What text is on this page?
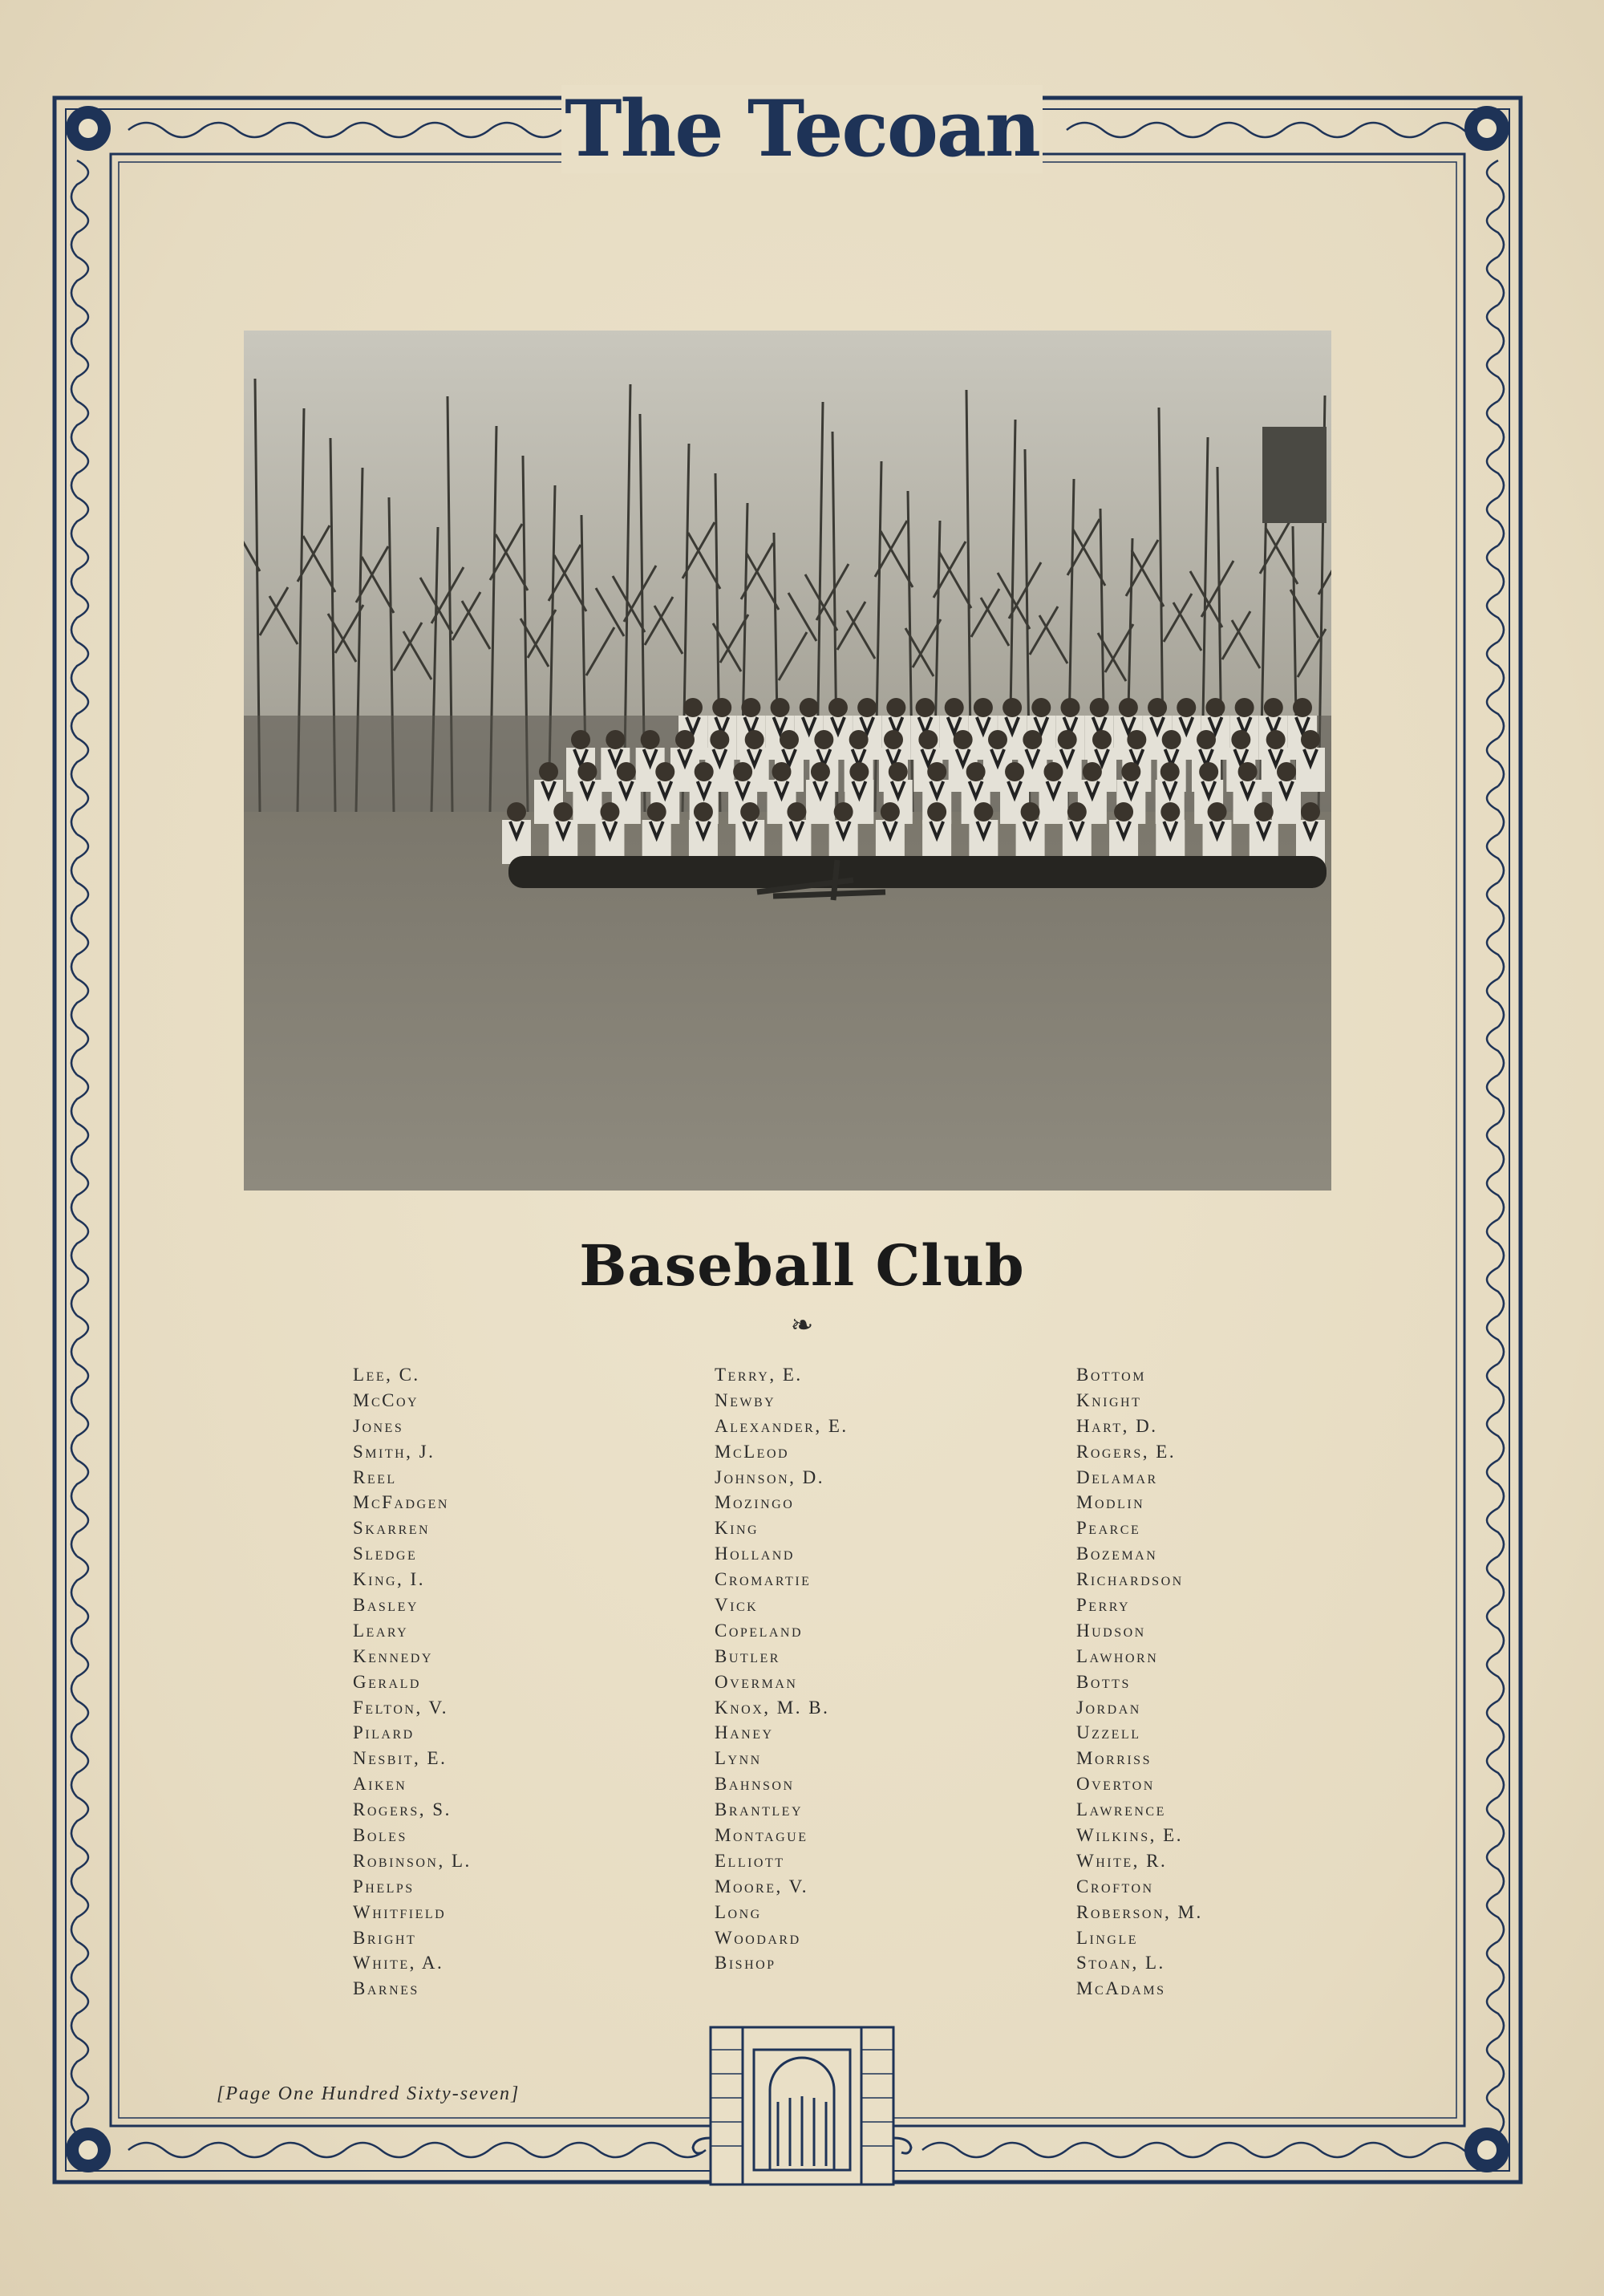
The Tecoan
Baseball Club
❧
Lee, C.
McCoy
Jones
Smith, J.
Reel
McFadgen
Skarren
Sledge
King, I.
Basley
Leary
Kennedy
Gerald
Felton, V.
Pilard
Nesbit, E.
Aiken
Rogers, S.
Boles
Robinson, L.
Phelps
Whitfield
Bright
White, A.
Barnes
Terry, E.
Newby
Alexander, E.
McLeod
Johnson, D.
Mozingo
King
Holland
Cromartie
Vick
Copeland
Butler
Overman
Knox, M. B.
Haney
Lynn
Bahnson
Brantley
Montague
Elliott
Moore, V.
Long
Woodard
Bishop
Bottom
Knight
Hart, D.
Rogers, E.
Delamar
Modlin
Pearce
Bozeman
Richardson
Perry
Hudson
Lawhorn
Botts
Jordan
Uzzell
Morriss
Overton
Lawrence
Wilkins, E.
White, R.
Crofton
Roberson, M.
Lingle
Stoan, L.
McAdams
[Page One Hundred Sixty-seven]
